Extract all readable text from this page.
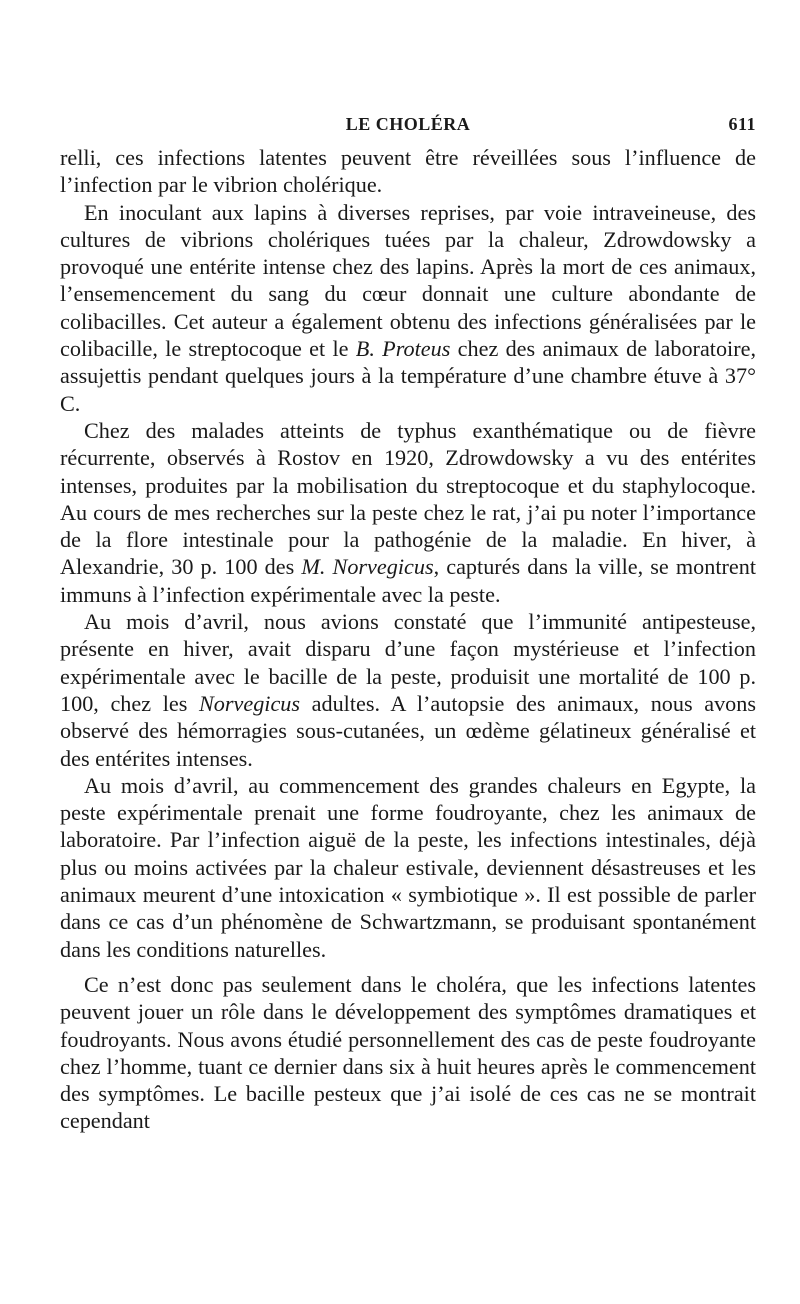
LE CHOLÉRA	611

relli, ces infections latentes peuvent être réveillées sous l’influence de l’infection par le vibrion cholérique.

En inoculant aux lapins à diverses reprises, par voie intraveineuse, des cultures de vibrions cholériques tuées par la chaleur, Zdrowdowsky a provoqué une entérite intense chez des lapins. Après la mort de ces animaux, l’ensemencement du sang du cœur donnait une culture abondante de colibacilles. Cet auteur a également obtenu des infections généralisées par le colibacille, le streptocoque et le B. Proteus chez des animaux de laboratoire, assujettis pendant quelques jours à la température d’une chambre étuve à 37° C.

Chez des malades atteints de typhus exanthématique ou de fièvre récurrente, observés à Rostov en 1920, Zdrowdowsky a vu des entérites intenses, produites par la mobilisation du streptocoque et du staphylocoque. Au cours de mes recherches sur la peste chez le rat, j’ai pu noter l’importance de la flore intestinale pour la pathogénie de la maladie. En hiver, à Alexandrie, 30 p. 100 des M. Norvegicus, capturés dans la ville, se montrent immuns à l’infection expérimentale avec la peste.

Au mois d’avril, nous avions constaté que l’immunité antipesteuse, présente en hiver, avait disparu d’une façon mystérieuse et l’infection expérimentale avec le bacille de la peste, produisit une mortalité de 100 p. 100, chez les Norvegicus adultes. A l’autopsie des animaux, nous avons observé des hémorragies sous-cutanées, un œdème gélatineux généralisé et des entérites intenses.

Au mois d’avril, au commencement des grandes chaleurs en Egypte, la peste expérimentale prenait une forme foudroyante, chez les animaux de laboratoire. Par l’infection aiguë de la peste, les infections intestinales, déjà plus ou moins activées par la chaleur estivale, deviennent désastreuses et les animaux meurent d’une intoxication « symbiotique ». Il est possible de parler dans ce cas d’un phénomène de Schwartzmann, se produisant spontanément dans les conditions naturelles.

Ce n’est donc pas seulement dans le choléra, que les infections latentes peuvent jouer un rôle dans le développement des symptômes dramatiques et foudroyants. Nous avons étudié personnellement des cas de peste foudroyante chez l’homme, tuant ce dernier dans six à huit heures après le commencement des symptômes. Le bacille pesteux que j’ai isolé de ces cas ne se montrait cependant
